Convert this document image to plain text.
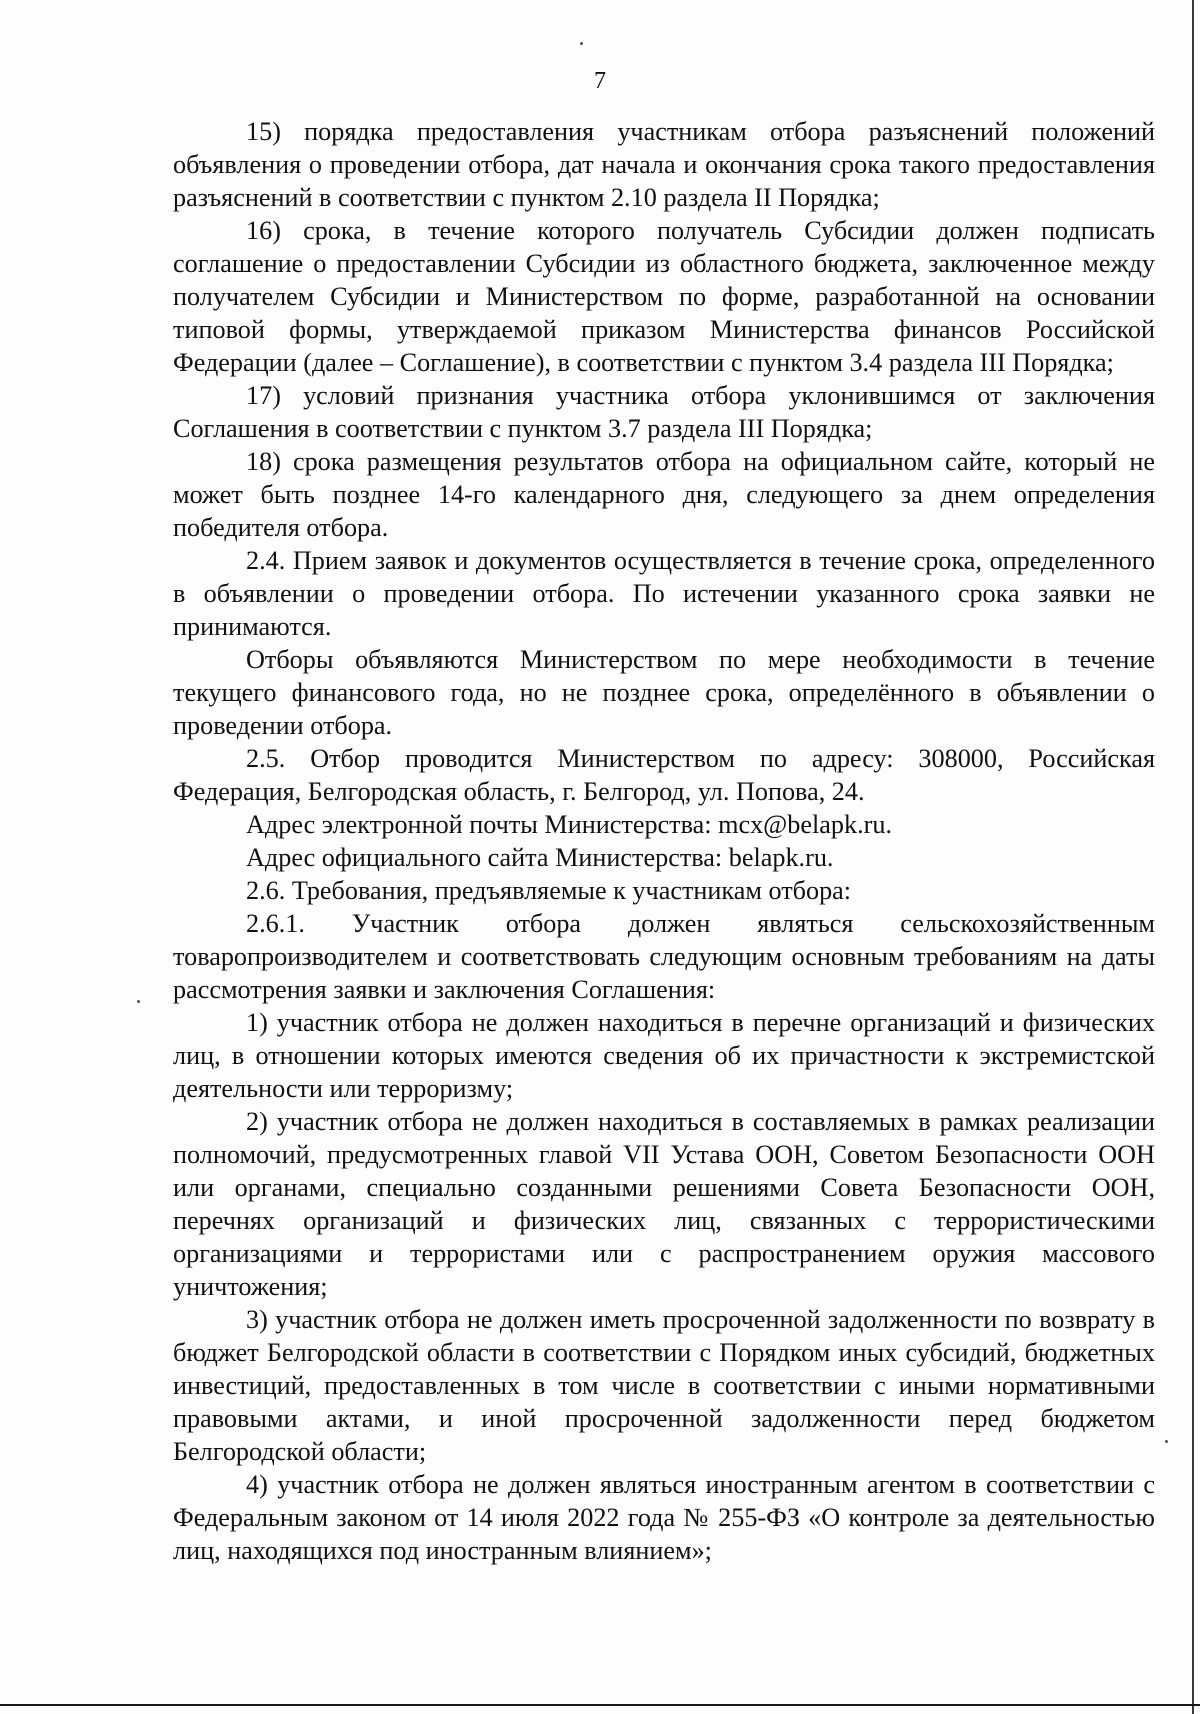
7

15) порядка предоставления участникам отбора разъяснений положений объявления о проведении отбора, дат начала и окончания срока такого предоставления разъяснений в соответствии с пунктом 2.10 раздела II Порядка;

16) срока, в течение которого получатель Субсидии должен подписать соглашение о предоставлении Субсидии из областного бюджета, заключенное между получателем Субсидии и Министерством по форме, разработанной на основании типовой формы, утверждаемой приказом Министерства финансов Российской Федерации (далее – Соглашение), в соответствии с пунктом 3.4 раздела III Порядка;

17) условий признания участника отбора уклонившимся от заключения Соглашения в соответствии с пунктом 3.7 раздела III Порядка;

18) срока размещения результатов отбора на официальном сайте, который не может быть позднее 14-го календарного дня, следующего за днем определения победителя отбора.

2.4. Прием заявок и документов осуществляется в течение срока, определенного в объявлении о проведении отбора. По истечении указанного срока заявки не принимаются.

Отборы объявляются Министерством по мере необходимости в течение текущего финансового года, но не позднее срока, определённого в объявлении о проведении отбора.

2.5. Отбор проводится Министерством по адресу: 308000, Российская Федерация, Белгородская область, г. Белгород, ул. Попова, 24.

Адрес электронной почты Министерства: mcx@belapk.ru.

Адрес официального сайта Министерства: belapk.ru.

2.6. Требования, предъявляемые к участникам отбора:

2.6.1. Участник отбора должен являться сельскохозяйственным товаропроизводителем и соответствовать следующим основным требованиям на даты рассмотрения заявки и заключения Соглашения:

1) участник отбора не должен находиться в перечне организаций и физических лиц, в отношении которых имеются сведения об их причастности к экстремистской деятельности или терроризму;

2) участник отбора не должен находиться в составляемых в рамках реализации полномочий, предусмотренных главой VII Устава ООН, Советом Безопасности ООН или органами, специально созданными решениями Совета Безопасности ООН, перечнях организаций и физических лиц, связанных с террористическими организациями и террористами или с распространением оружия массового уничтожения;

3) участник отбора не должен иметь просроченной задолженности по возврату в бюджет Белгородской области в соответствии с Порядком иных субсидий, бюджетных инвестиций, предоставленных в том числе в соответствии с иными нормативными правовыми актами, и иной просроченной задолженности перед бюджетом Белгородской области;

4) участник отбора не должен являться иностранным агентом в соответствии с Федеральным законом от 14 июля 2022 года № 255-ФЗ «О контроле за деятельностью лиц, находящихся под иностранным влиянием»;
